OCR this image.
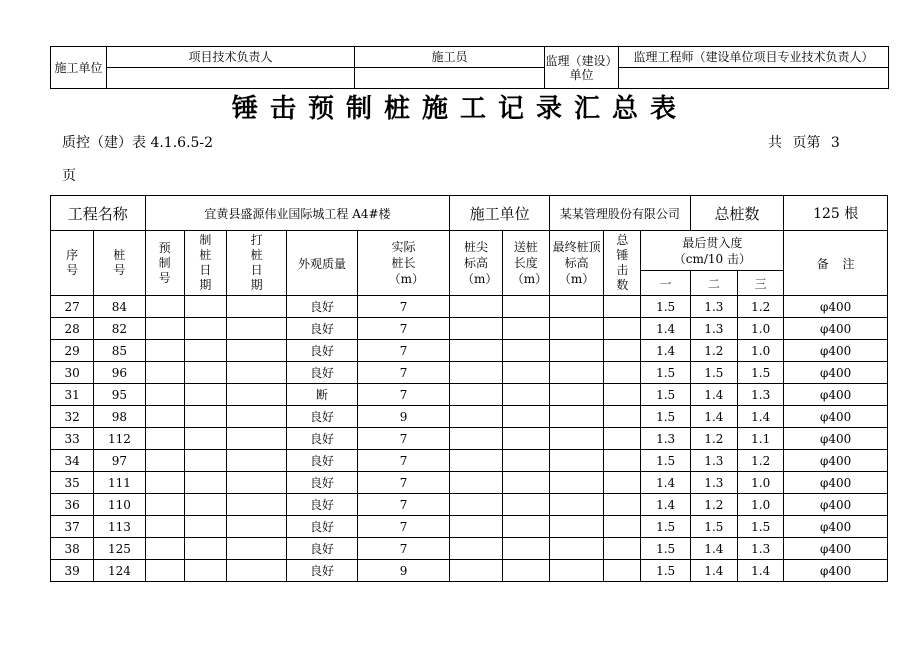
施工单位	项目技术负责人	施工员	监理（建设）单位	监理工程师（建设单位项目专业技术负责人）

锤击预制桩施工记录汇总表
质控（建）表 4.1.6.5-2	共 页第 3
页
工程名称		宜黄县盛源伟业国际城工程 A4#楼					施工单位		某某管理股份有限公司			总桩数		125 根

序号	桩号	预制号	制桩日期	打桩日期	外观质量	实际桩长（m）	桩尖标高（m）	送桩长度（m）	最终桩顶标高（m）	总锤击数	最后贯入度（cm/10 击）			备 注
											一	二	三	
27	84				良好	7					1.5	1.3	1.2	φ400
28	82				良好	7					1.4	1.3	1.0	φ400
29	85				良好	7					1.4	1.2	1.0	φ400
30	96				良好	7					1.5	1.5	1.5	φ400
31	95				断	7					1.5	1.4	1.3	φ400
32	98				良好	9					1.5	1.4	1.4	φ400
33	112				良好	7					1.3	1.2	1.1	φ400
34	97				良好	7					1.5	1.3	1.2	φ400
35	111				良好	7					1.4	1.3	1.0	φ400
36	110				良好	7					1.4	1.2	1.0	φ400
37	113				良好	7					1.5	1.5	1.5	φ400
38	125				良好	7					1.5	1.4	1.3	φ400
39	124				良好	9					1.5	1.4	1.4	φ400
